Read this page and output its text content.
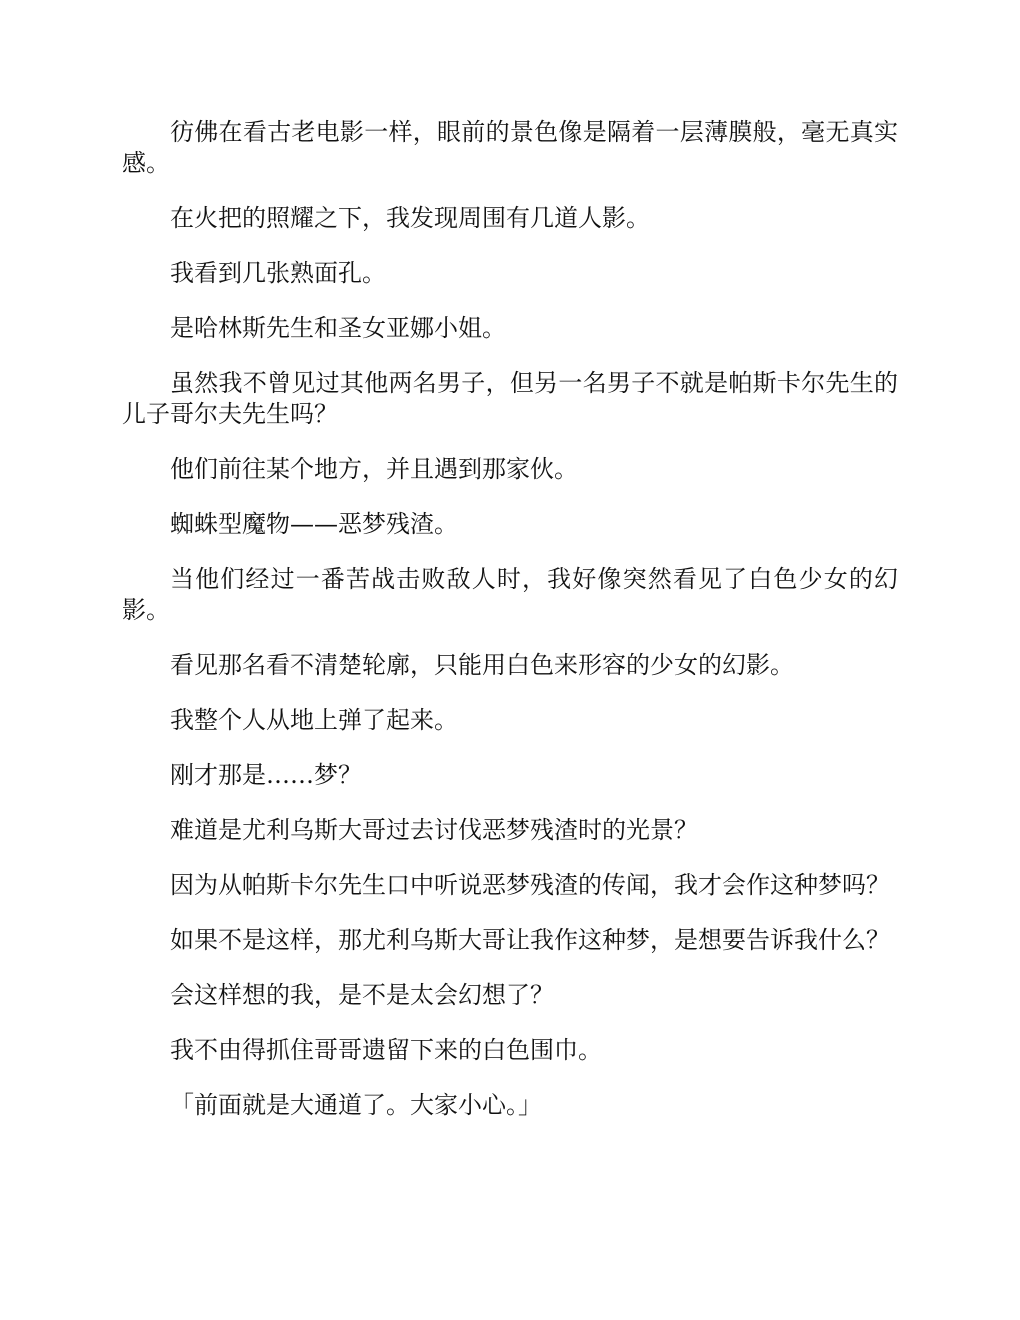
彷佛在看古老电影一样，眼前的景色像是隔着一层薄膜般，毫无真实感。

在火把的照耀之下，我发现周围有几道人影。

我看到几张熟面孔。

是哈林斯先生和圣女亚娜小姐。

虽然我不曾见过其他两名男子，但另一名男子不就是帕斯卡尔先生的儿子哥尔夫先生吗？

他们前往某个地方，并且遇到那家伙。

蜘蛛型魔物——恶梦残渣。

当他们经过一番苦战击败敌人时，我好像突然看见了白色少女的幻影。

看见那名看不清楚轮廓，只能用白色来形容的少女的幻影。

我整个人从地上弹了起来。

刚才那是……梦？

难道是尤利乌斯大哥过去讨伐恶梦残渣时的光景？

因为从帕斯卡尔先生口中听说恶梦残渣的传闻，我才会作这种梦吗？

如果不是这样，那尤利乌斯大哥让我作这种梦，是想要告诉我什么？

会这样想的我，是不是太会幻想了？

我不由得抓住哥哥遗留下来的白色围巾。

「前面就是大通道了。大家小心。」
